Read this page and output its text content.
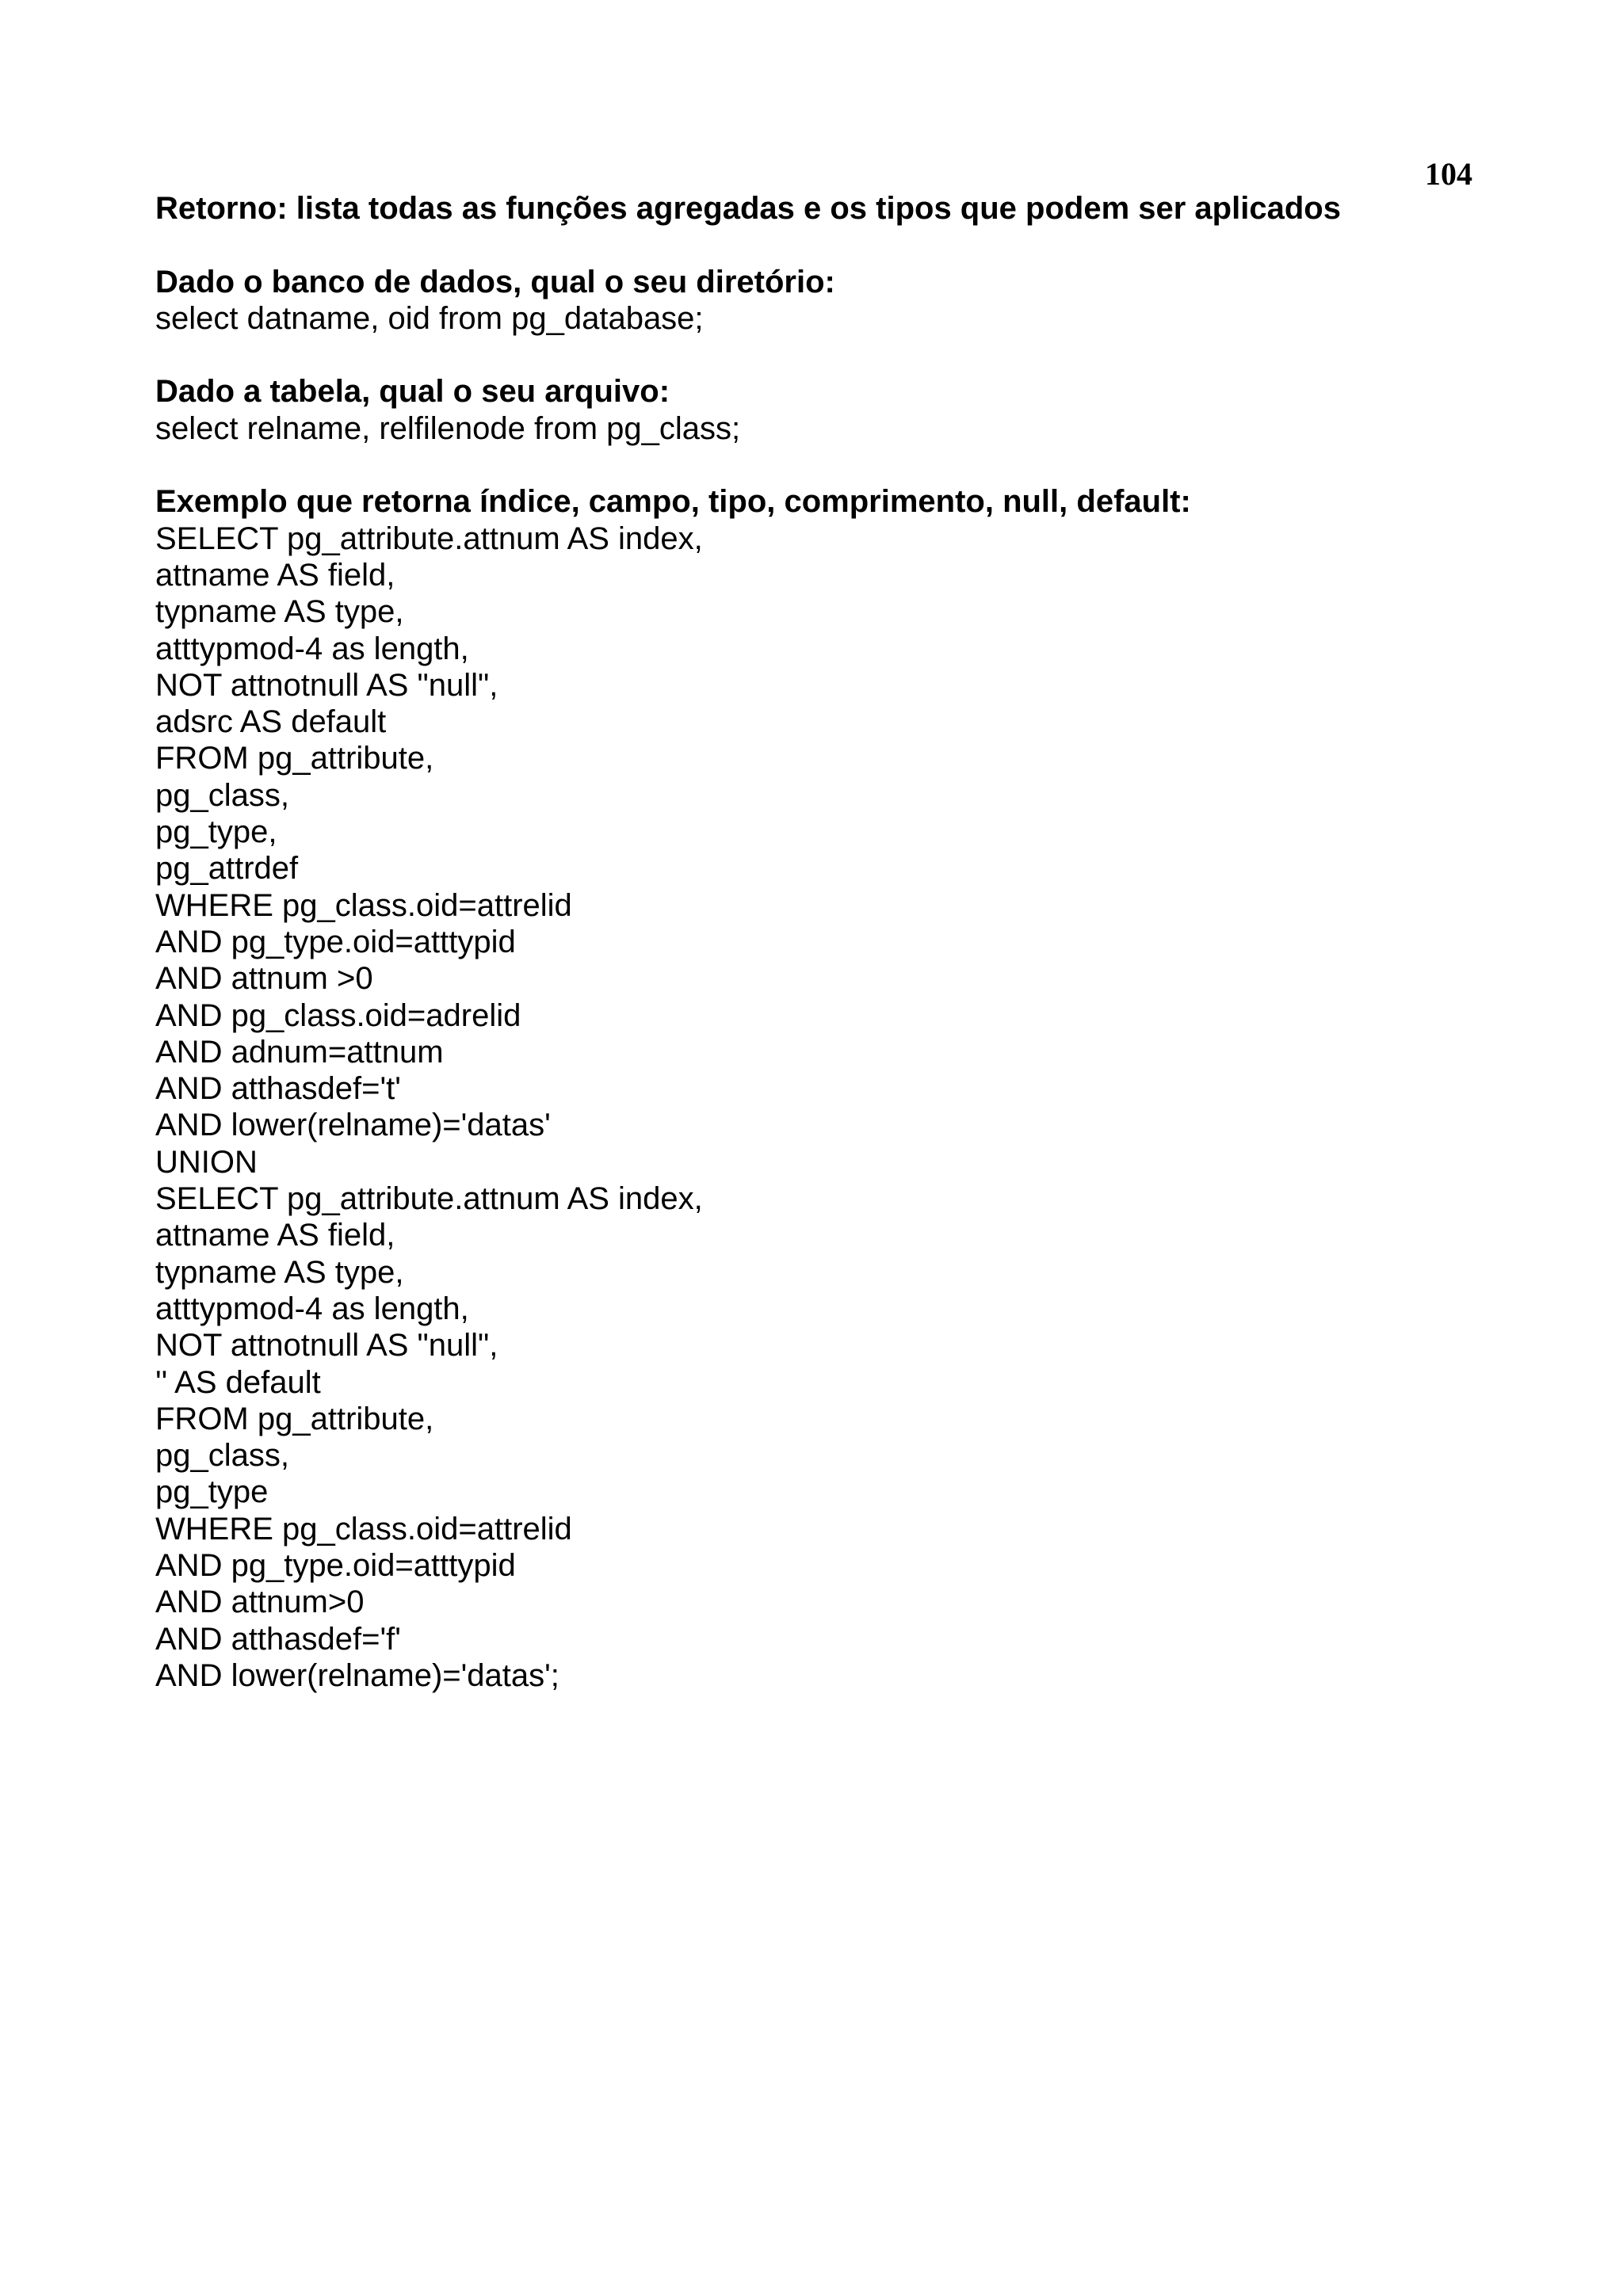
104

Retorno: lista todas as funções agregadas e os tipos que podem ser aplicados

Dado o banco de dados, qual o seu diretório:

select datname, oid from pg_database;

Dado a tabela, qual o seu arquivo:

select relname, relfilenode from pg_class;

Exemplo que retorna índice, campo, tipo, comprimento, null, default:

SELECT pg_attribute.attnum AS index,

attname AS field,

typname AS type,

atttypmod-4 as length,

NOT attnotnull AS "null",

adsrc AS default

FROM pg_attribute,

pg_class,

pg_type,

pg_attrdef

WHERE pg_class.oid=attrelid

AND pg_type.oid=atttypid

AND attnum >0

AND pg_class.oid=adrelid

AND adnum=attnum

AND atthasdef='t'

AND lower(relname)='datas'

UNION

SELECT pg_attribute.attnum AS index,

attname AS field,

typname AS type,

atttypmod-4 as length,

NOT attnotnull AS "null",

'' AS default

FROM pg_attribute,

pg_class,

pg_type

WHERE pg_class.oid=attrelid

AND pg_type.oid=atttypid

AND attnum>0

AND atthasdef='f'

AND lower(relname)='datas';
